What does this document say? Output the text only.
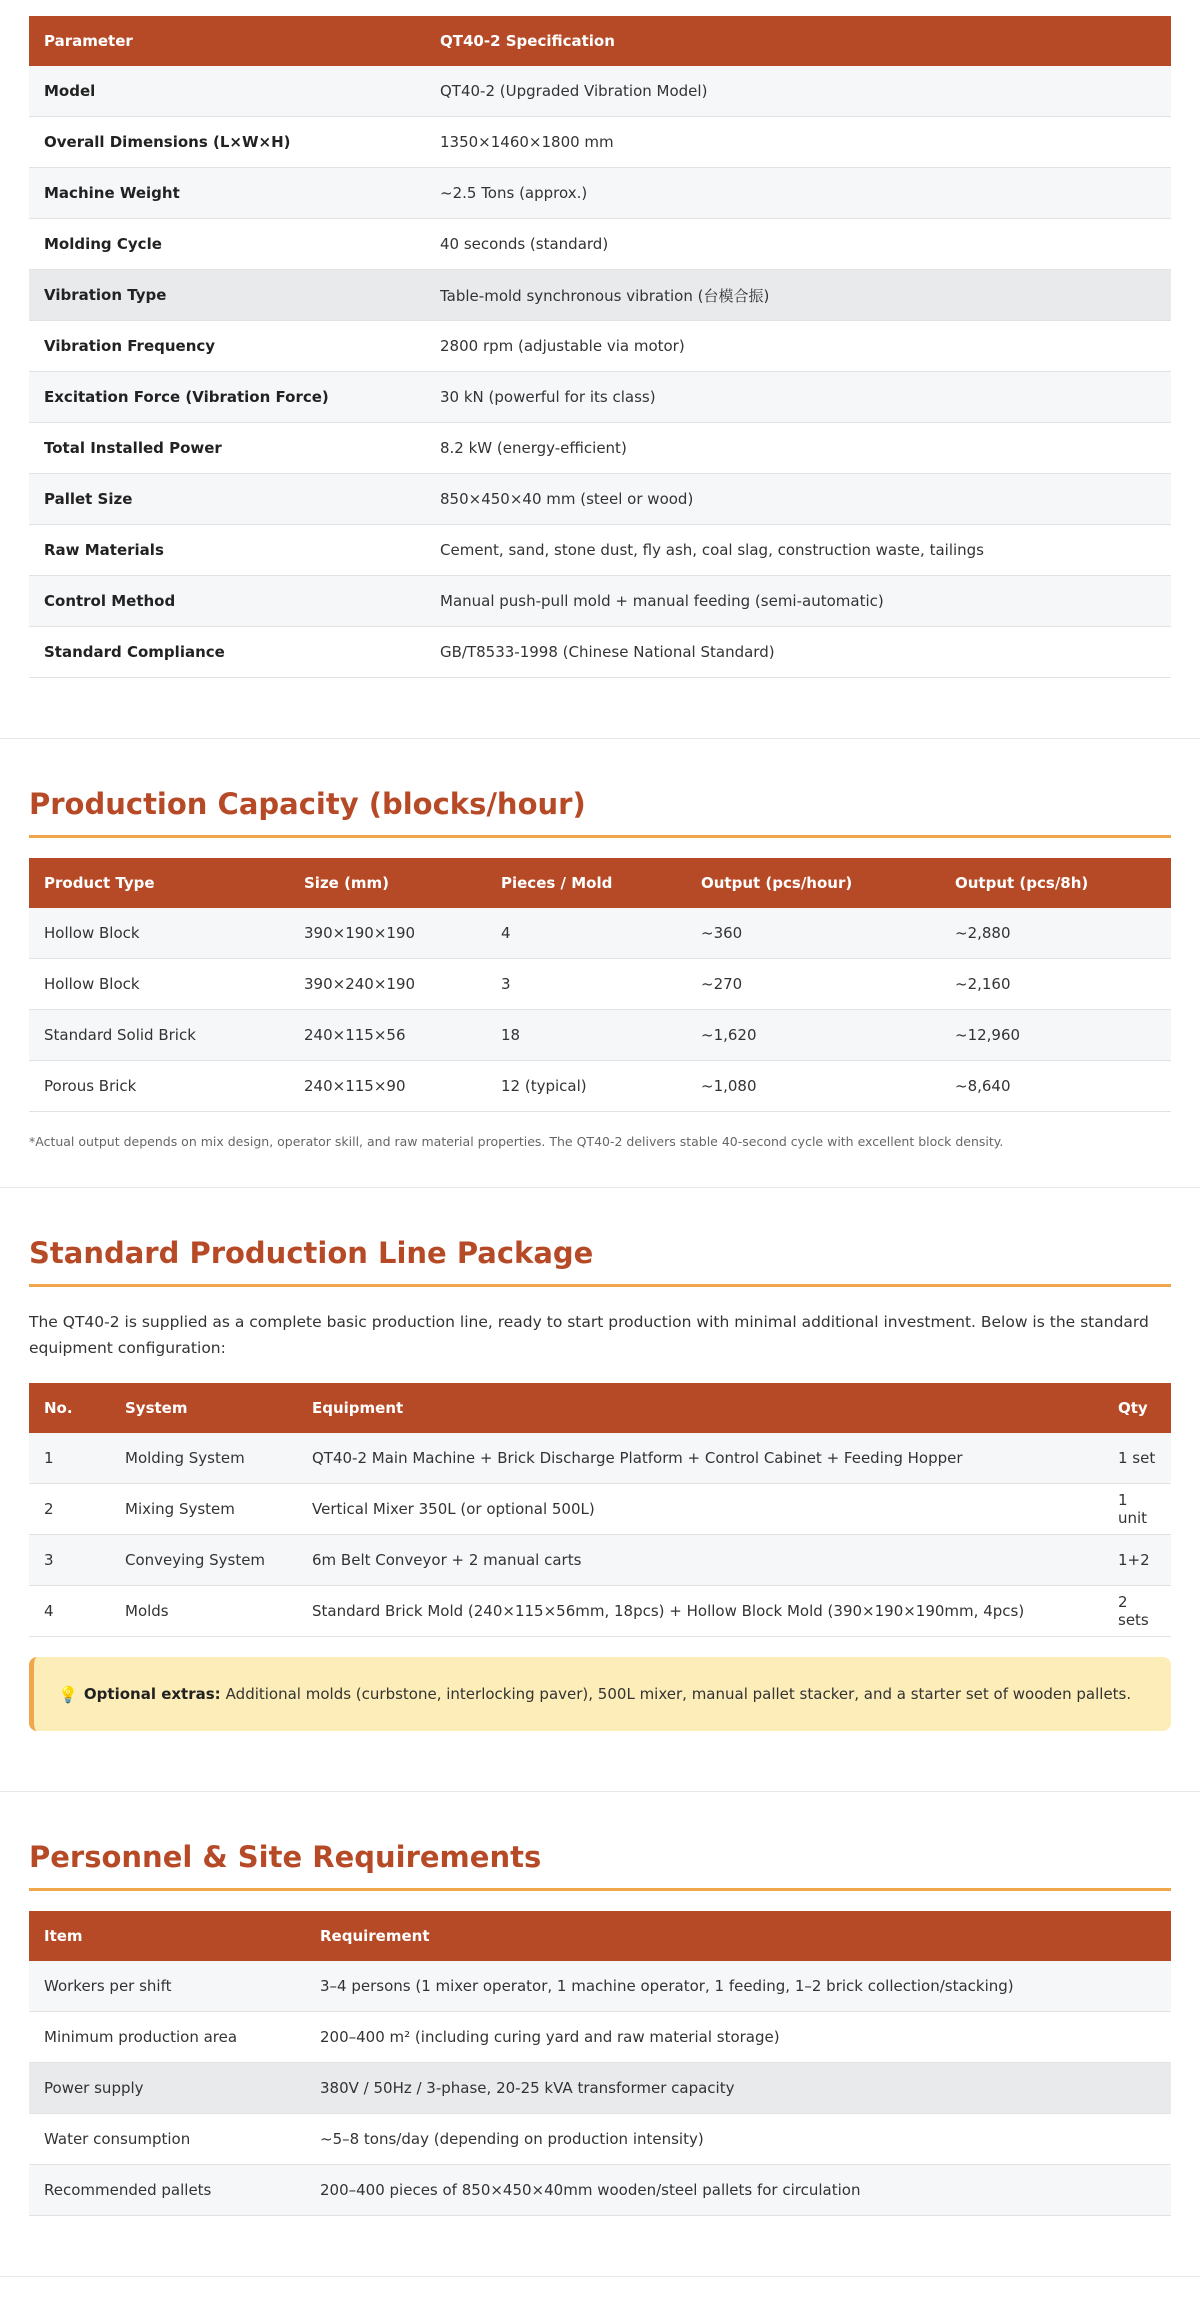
Parameter	QT40-2 Specification
Model	QT40-2 (Upgraded Vibration Model)
Overall Dimensions (L×W×H)	1350×1460×1800 mm
Machine Weight	~2.5 Tons (approx.)
Molding Cycle	40 seconds (standard)
Vibration Type	Table-mold synchronous vibration (台模合振)
Vibration Frequency	2800 rpm (adjustable via motor)
Excitation Force (Vibration Force)	30 kN (powerful for its class)
Total Installed Power	8.2 kW (energy-efficient)
Pallet Size	850×450×40 mm (steel or wood)
Raw Materials	Cement, sand, stone dust, fly ash, coal slag, construction waste, tailings
Control Method	Manual push-pull mold + manual feeding (semi-automatic)
Standard Compliance	GB/T8533-1998 (Chinese National Standard)
Production Capacity (blocks/hour)
Product Type	Size (mm)	Pieces / Mold	Output (pcs/hour)	Output (pcs/8h)
Hollow Block	390×190×190	4	~360	~2,880
Hollow Block	390×240×190	3	~270	~2,160
Standard Solid Brick	240×115×56	18	~1,620	~12,960
Porous Brick	240×115×90	12 (typical)	~1,080	~8,640

*Actual output depends on mix design, operator skill, and raw material properties. The QT40-2 delivers stable 40-second cycle with excellent block density.

Standard Production Line Package

The QT40-2 is supplied as a complete basic production line, ready to start production with minimal additional investment. Below is the standard equipment configuration:

No.	System	Equipment	Qty
1	Molding System	QT40-2 Main Machine + Brick Discharge Platform + Control Cabinet + Feeding Hopper	1 set
2	Mixing System	Vertical Mixer 350L (or optional 500L)	1 unit
3	Conveying System	6m Belt Conveyor + 2 manual carts	1+2
4	Molds	Standard Brick Mold (240×115×56mm, 18pcs) + Hollow Block Mold (390×190×190mm, 4pcs)	2 sets
💡 Optional extras: Additional molds (curbstone, interlocking paver), 500L mixer, manual pallet stacker, and a starter set of wooden pallets.
Personnel & Site Requirements
Item	Requirement
Workers per shift	3–4 persons (1 mixer operator, 1 machine operator, 1 feeding, 1–2 brick collection/stacking)
Minimum production area	200–400 m² (including curing yard and raw material storage)
Power supply	380V / 50Hz / 3-phase, 20-25 kVA transformer capacity
Water consumption	~5–8 tons/day (depending on production intensity)
Recommended pallets	200–400 pieces of 850×450×40mm wooden/steel pallets for circulation
